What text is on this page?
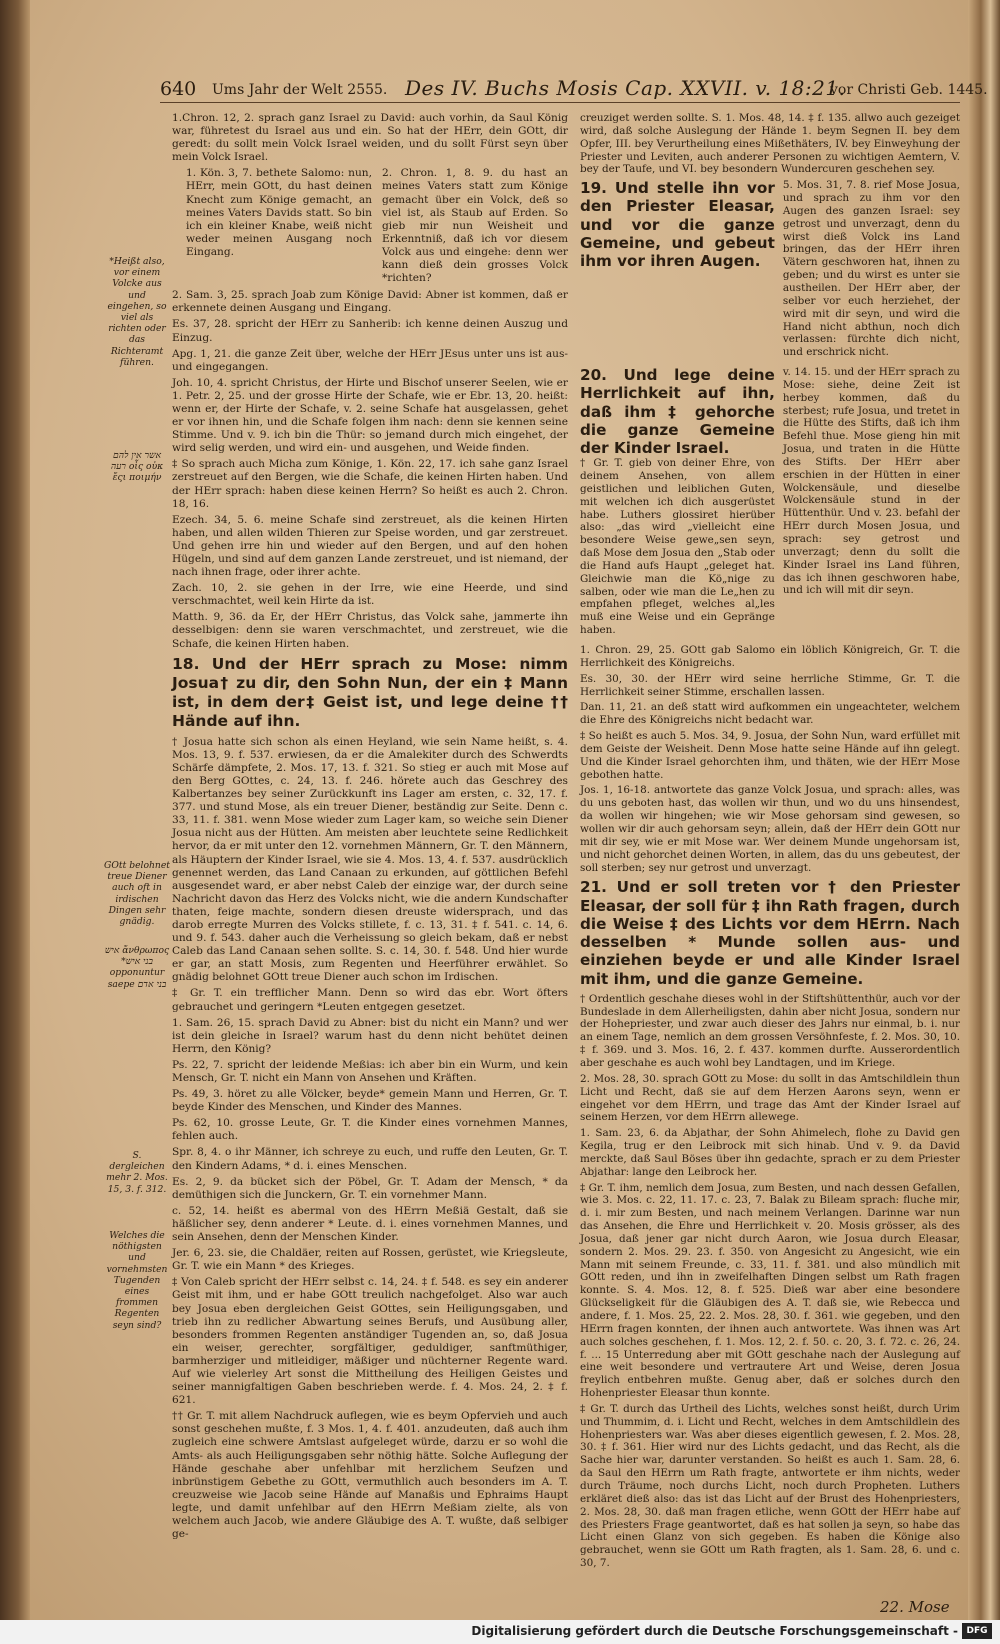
640 Ums Jahr der Welt 2555. Des IV. Buchs Mosis Cap. XXVII. v. 18:21.
vor Christi Geb. 1445.
*Heißt also, vor einem Volcke aus und eingehen, so viel als richten oder das Richteramt führen.
אשר אין להם רעה οἷς οὐκ ἔςι ποιμήν
GOtt belohnet treue Diener auch oft in irdischen Dingen sehr gnädig.
איש ἄνθρωπος *בני איש opponuntur saepe בני אדם
S. dergleichen mehr 2. Mos. 15, 3. f. 312.
Welches die nöthigsten und vornehmsten Tugenden eines frommen Regenten seyn sind?

1.Chron. 12, 2. sprach ganz Israel zu David: auch vorhin, da Saul König war, führetest du Israel aus und ein. So hat der HErr, dein GOtt, dir geredt: du sollt mein Volck Israel weiden, und du sollt Fürst seyn über mein Volck Israel.

1. Kön. 3, 7. bethete Salomo: nun, HErr, mein GOtt, du hast deinen Knecht zum Könige gemacht, an meines Vaters Davids statt. So bin ich ein kleiner Knabe, weiß nicht weder meinen Ausgang noch Eingang.
2. Chron. 1, 8. 9. du hast an meines Vaters statt zum Könige gemacht über ein Volck, deß so viel ist, als Staub auf Erden. So gieb mir nun Weisheit und Erkenntniß, daß ich vor diesem Volck aus und eingehe: denn wer kann dieß dein grosses Volck *richten?

2. Sam. 3, 25. sprach Joab zum Könige David: Abner ist kommen, daß er erkennete deinen Ausgang und Eingang.

Es. 37, 28. spricht der HErr zu Sanherib: ich kenne deinen Auszug und Einzug.

Apg. 1, 21. die ganze Zeit über, welche der HErr JEsus unter uns ist aus- und eingegangen.

Joh. 10, 4. spricht Christus, der Hirte und Bischof unserer Seelen, wie er 1. Petr. 2, 25. und der grosse Hirte der Schafe, wie er Ebr. 13, 20. heißt: wenn er, der Hirte der Schafe, v. 2. seine Schafe hat ausgelassen, gehet er vor ihnen hin, und die Schafe folgen ihm nach: denn sie kennen seine Stimme. Und v. 9. ich bin die Thür: so jemand durch mich eingehet, der wird selig werden, und wird ein- und ausgehen, und Weide finden.

‡ So sprach auch Micha zum Könige, 1. Kön. 22, 17. ich sahe ganz Israel zerstreuet auf den Bergen, wie die Schafe, die keinen Hirten haben. Und der HErr sprach: haben diese keinen Herrn? So heißt es auch 2. Chron. 18, 16.

Ezech. 34, 5. 6. meine Schafe sind zerstreuet, als die keinen Hirten haben, und allen wilden Thieren zur Speise worden, und gar zerstreuet. Und gehen irre hin und wieder auf den Bergen, und auf den hohen Hügeln, und sind auf dem ganzen Lande zerstreuet, und ist niemand, der nach ihnen frage, oder ihrer achte.

Zach. 10, 2. sie gehen in der Irre, wie eine Heerde, und sind verschmachtet, weil kein Hirte da ist.

Matth. 9, 36. da Er, der HErr Christus, das Volck sahe, jammerte ihn desselbigen: denn sie waren verschmachtet, und zerstreuet, wie die Schafe, die keinen Hirten haben.

18. Und der HErr sprach zu Mose: nimm Josua† zu dir, den Sohn Nun, der ein ‡ Mann ist, in dem der‡ Geist ist, und lege deine †† Hände auf ihn.

† Josua hatte sich schon als einen Heyland, wie sein Name heißt, s. 4. Mos. 13, 9. f. 537. erwiesen, da er die Amalekiter durch des Schwerdts Schärfe dämpfete, 2. Mos. 17, 13. f. 321. So stieg er auch mit Mose auf den Berg GOttes, c. 24, 13. f. 246. hörete auch das Geschrey des Kalbertanzes bey seiner Zurückkunft ins Lager am ersten, c. 32, 17. f. 377. und stund Mose, als ein treuer Diener, beständig zur Seite. Denn c. 33, 11. f. 381. wenn Mose wieder zum Lager kam, so weiche sein Diener Josua nicht aus der Hütten. Am meisten aber leuchtete seine Redlichkeit hervor, da er mit unter den 12. vornehmen Männern, Gr. T. den Männern, als Häuptern der Kinder Israel, wie sie 4. Mos. 13, 4. f. 537. ausdrücklich genennet werden, das Land Canaan zu erkunden, auf göttlichen Befehl ausgesendet ward, er aber nebst Caleb der einzige war, der durch seine Nachricht davon das Herz des Volcks nicht, wie die andern Kundschafter thaten, feige machte, sondern diesen dreuste widersprach, und das darob erregte Murren des Volcks stillete, f. c. 13, 31. ‡ f. 541. c. 14, 6. und 9. f. 543. daher auch die Verheissung so gleich bekam, daß er nebst Caleb das Land Canaan sehen sollte. S. c. 14, 30. f. 548. Und hier wurde er gar, an statt Mosis, zum Regenten und Heerführer erwählet. So gnädig belohnet GOtt treue Diener auch schon im Irdischen.

‡ Gr. T. ein trefflicher Mann. Denn so wird das ebr. Wort öfters gebrauchet und geringern *Leuten entgegen gesetzet.

1. Sam. 26, 15. sprach David zu Abner: bist du nicht ein Mann? und wer ist dein gleiche in Israel? warum hast du denn nicht behütet deinen Herrn, den König?

Ps. 22, 7. spricht der leidende Meßias: ich aber bin ein Wurm, und kein Mensch, Gr. T. nicht ein Mann von Ansehen und Kräften.

Ps. 49, 3. höret zu alle Völcker, beyde* gemein Mann und Herren, Gr. T. beyde Kinder des Menschen, und Kinder des Mannes.

Ps. 62, 10. grosse Leute, Gr. T. die Kinder eines vornehmen Mannes, fehlen auch.

Spr. 8, 4. o ihr Männer, ich schreye zu euch, und ruffe den Leuten, Gr. T. den Kindern Adams, * d. i. eines Menschen.

Es. 2, 9. da bücket sich der Pöbel, Gr. T. Adam der Mensch, * da demüthigen sich die Junckern, Gr. T. ein vornehmer Mann.

c. 52, 14. heißt es abermal von des HErrn Meßiä Gestalt, daß sie häßlicher sey, denn anderer * Leute. d. i. eines vornehmen Mannes, und sein Ansehen, denn der Menschen Kinder.

Jer. 6, 23. sie, die Chaldäer, reiten auf Rossen, gerüstet, wie Kriegsleute, Gr. T. wie ein Mann * des Krieges.

‡ Von Caleb spricht der HErr selbst c. 14, 24. ‡ f. 548. es sey ein anderer Geist mit ihm, und er habe GOtt treulich nachgefolget. Also war auch bey Josua eben dergleichen Geist GOttes, sein Heiligungsgaben, und trieb ihn zu redlicher Abwartung seines Berufs, und Ausübung aller, besonders frommen Regenten anständiger Tugenden an, so, daß Josua ein weiser, gerechter, sorgfältiger, geduldiger, sanftmüthiger, barmherziger und mitleidiger, mäßiger und nüchterner Regente ward. Auf wie vielerley Art sonst die Mittheilung des Heiligen Geistes und seiner mannigfaltigen Gaben beschrieben werde. f. 4. Mos. 24, 2. ‡ f. 621.

†† Gr. T. mit allem Nachdruck auflegen, wie es beym Opfervieh und auch sonst geschehen mußte, f. 3 Mos. 1, 4. f. 401. anzudeuten, daß auch ihm zugleich eine schwere Amtslast aufgeleget würde, darzu er so wohl die Amts- als auch Heiligungsgaben sehr nöthig hätte. Solche Auflegung der Hände geschahe aber unfehlbar mit herzlichem Seufzen und inbrünstigem Gebethe zu GOtt, vermuthlich auch besonders im A. T. creuzweise wie Jacob seine Hände auf Manaßis und Ephraims Haupt legte, und damit unfehlbar auf den HErrn Meßiam zielte, als von welchem auch Jacob, wie andere Gläubige des A. T. wußte, daß selbiger ge-

creuziget werden sollte. S. 1. Mos. 48, 14. ‡ f. 135. allwo auch gezeiget wird, daß solche Auslegung der Hände 1. beym Segnen II. bey dem Opfer, III. bey Verurtheilung eines Mißethäters, IV. bey Einweyhung der Priester und Leviten, auch anderer Personen zu wichtigen Aemtern, V. bey der Taufe, und VI. bey besondern Wundercuren geschehen sey.

19. Und stelle ihn vor den Priester Eleasar, und vor die ganze Gemeine, und gebeut ihm vor ihren Augen.

5. Mos. 31, 7. 8. rief Mose Josua, und sprach zu ihm vor den Augen des ganzen Israel: sey getrost und unverzagt, denn du wirst dieß Volck ins Land bringen, das der HErr ihren Vätern geschworen hat, ihnen zu geben; und du wirst es unter sie austheilen. Der HErr aber, der selber vor euch herziehet, der wird mit dir seyn, und wird die Hand nicht abthun, noch dich verlassen: fürchte dich nicht, und erschrick nicht.

20. Und lege deine Herrlichkeit auf ihn, daß ihm ‡ gehorche die ganze Gemeine der Kinder Israel.

† Gr. T. gieb von deiner Ehre, von deinem Ansehen, von allem geistlichen und leiblichen Guten, mit welchen ich dich ausgerüstet habe. Luthers glossiret hierüber also: „das wird „vielleicht eine besondere Weise gewe„sen seyn, daß Mose dem Josua den „Stab oder die Hand aufs Haupt „geleget hat. Gleichwie man die Kö„nige zu salben, oder wie man die Le„hen zu empfahen pfleget, welches al„les muß eine Weise und ein Gepränge haben.

v. 14. 15. und der HErr sprach zu Mose: siehe, deine Zeit ist herbey kommen, daß du sterbest; rufe Josua, und tretet in die Hütte des Stifts, daß ich ihm Befehl thue. Mose gieng hin mit Josua, und traten in die Hütte des Stifts. Der HErr aber erschien in der Hütten in einer Wolckensäule, und dieselbe Wolckensäule stund in der Hüttenthür. Und v. 23. befahl der HErr durch Mosen Josua, und sprach: sey getrost und unverzagt; denn du sollt die Kinder Israel ins Land führen, das ich ihnen geschworen habe, und ich will mit dir seyn.

1. Chron. 29, 25. GOtt gab Salomo ein löblich Königreich, Gr. T. die Herrlichkeit des Königreichs.

Es. 30, 30. der HErr wird seine herrliche Stimme, Gr. T. die Herrlichkeit seiner Stimme, erschallen lassen.

Dan. 11, 21. an deß statt wird aufkommen ein ungeachteter, welchem die Ehre des Königreichs nicht bedacht war.

‡ So heißt es auch 5. Mos. 34, 9. Josua, der Sohn Nun, ward erfüllet mit dem Geiste der Weisheit. Denn Mose hatte seine Hände auf ihn gelegt. Und die Kinder Israel gehorchten ihm, und thäten, wie der HErr Mose gebothen hatte.

Jos. 1, 16-18. antwortete das ganze Volck Josua, und sprach: alles, was du uns geboten hast, das wollen wir thun, und wo du uns hinsendest, da wollen wir hingehen; wie wir Mose gehorsam sind gewesen, so wollen wir dir auch gehorsam seyn; allein, daß der HErr dein GOtt nur mit dir sey, wie er mit Mose war. Wer deinem Munde ungehorsam ist, und nicht gehorchet deinen Worten, in allem, das du uns gebeutest, der soll sterben; sey nur getrost und unverzagt.

21. Und er soll treten vor † den Priester Eleasar, der soll für ‡ ihn Rath fragen, durch die Weise ‡ des Lichts vor dem HErrn. Nach desselben * Munde sollen aus- und einziehen beyde er und alle Kinder Israel mit ihm, und die ganze Gemeine.

† Ordentlich geschahe dieses wohl in der Stiftshüttenthür, auch vor der Bundeslade in dem Allerheiligsten, dahin aber nicht Josua, sondern nur der Hohepriester, und zwar auch dieser des Jahrs nur einmal, b. i. nur an einem Tage, nemlich an dem grossen Versöhnfeste, f. 2. Mos. 30, 10. ‡ f. 369. und 3. Mos. 16, 2. f. 437. kommen durfte. Ausserordentlich aber geschahe es auch wohl bey Landtagen, und im Kriege.

2. Mos. 28, 30. sprach GOtt zu Mose: du sollt in das Amtschildlein thun Licht und Recht, daß sie auf dem Herzen Aarons seyn, wenn er eingehet vor dem HErrn, und trage das Amt der Kinder Israel auf seinem Herzen, vor dem HErrn allewege.

1. Sam. 23, 6. da Abjathar, der Sohn Ahimelech, flohe zu David gen Kegila, trug er den Leibrock mit sich hinab. Und v. 9. da David merckte, daß Saul Böses über ihn gedachte, sprach er zu dem Priester Abjathar: lange den Leibrock her.

‡ Gr. T. ihm, nemlich dem Josua, zum Besten, und nach dessen Gefallen, wie 3. Mos. c. 22, 11. 17. c. 23, 7. Balak zu Bileam sprach: fluche mir, d. i. mir zum Besten, und nach meinem Verlangen. Darinne war nun das Ansehen, die Ehre und Herrlichkeit v. 20. Mosis grösser, als des Josua, daß jener gar nicht durch Aaron, wie Josua durch Eleasar, sondern 2. Mos. 29. 23. f. 350. von Angesicht zu Angesicht, wie ein Mann mit seinem Freunde, c. 33, 11. f. 381. und also mündlich mit GOtt reden, und ihn in zweifelhaften Dingen selbst um Rath fragen konnte. S. 4. Mos. 12, 8. f. 525. Dieß war aber eine besondere Glückseligkeit für die Gläubigen des A. T. daß sie, wie Rebecca und andere, f. 1. Mos. 25, 22. 2. Mos. 28, 30. f. 361. wie gegeben, und den HErrn fragen konnten, der ihnen auch antwortete. Was ihnen was Art auch solches geschehen, f. 1. Mos. 12, 2. f. 50. c. 20, 3. f. 72. c. 26, 24. f. ... 15 Unterredung aber mit GOtt geschahe nach der Auslegung auf eine weit besondere und vertrautere Art und Weise, deren Josua freylich entbehren mußte. Genug aber, daß er solches durch den Hohenpriester Eleasar thun konnte.

‡ Gr. T. durch das Urtheil des Lichts, welches sonst heißt, durch Urim und Thummim, d. i. Licht und Recht, welches in dem Amtschildlein des Hohenpriesters war. Was aber dieses eigentlich gewesen, f. 2. Mos. 28, 30. ‡ f. 361. Hier wird nur des Lichts gedacht, und das Recht, als die Sache hier war, darunter verstanden. So heißt es auch 1. Sam. 28, 6. da Saul den HErrn um Rath fragte, antwortete er ihm nichts, weder durch Träume, noch durchs Licht, noch durch Propheten. Luthers erkläret dieß also: das ist das Licht auf der Brust des Hohenpriesters, 2. Mos. 28, 30. daß man fragen etliche, wenn GOtt der HErr habe auf des Priesters Frage geantwortet, daß es hat sollen ja seyn, so habe das Licht einen Glanz von sich gegeben. Es haben die Könige also gebrauchet, wenn sie GOtt um Rath fragten, als 1. Sam. 28, 6. und c. 30, 7.

22. Mose
Digitalisierung gefördert durch die Deutsche Forschungsgemeinschaft - DFG
